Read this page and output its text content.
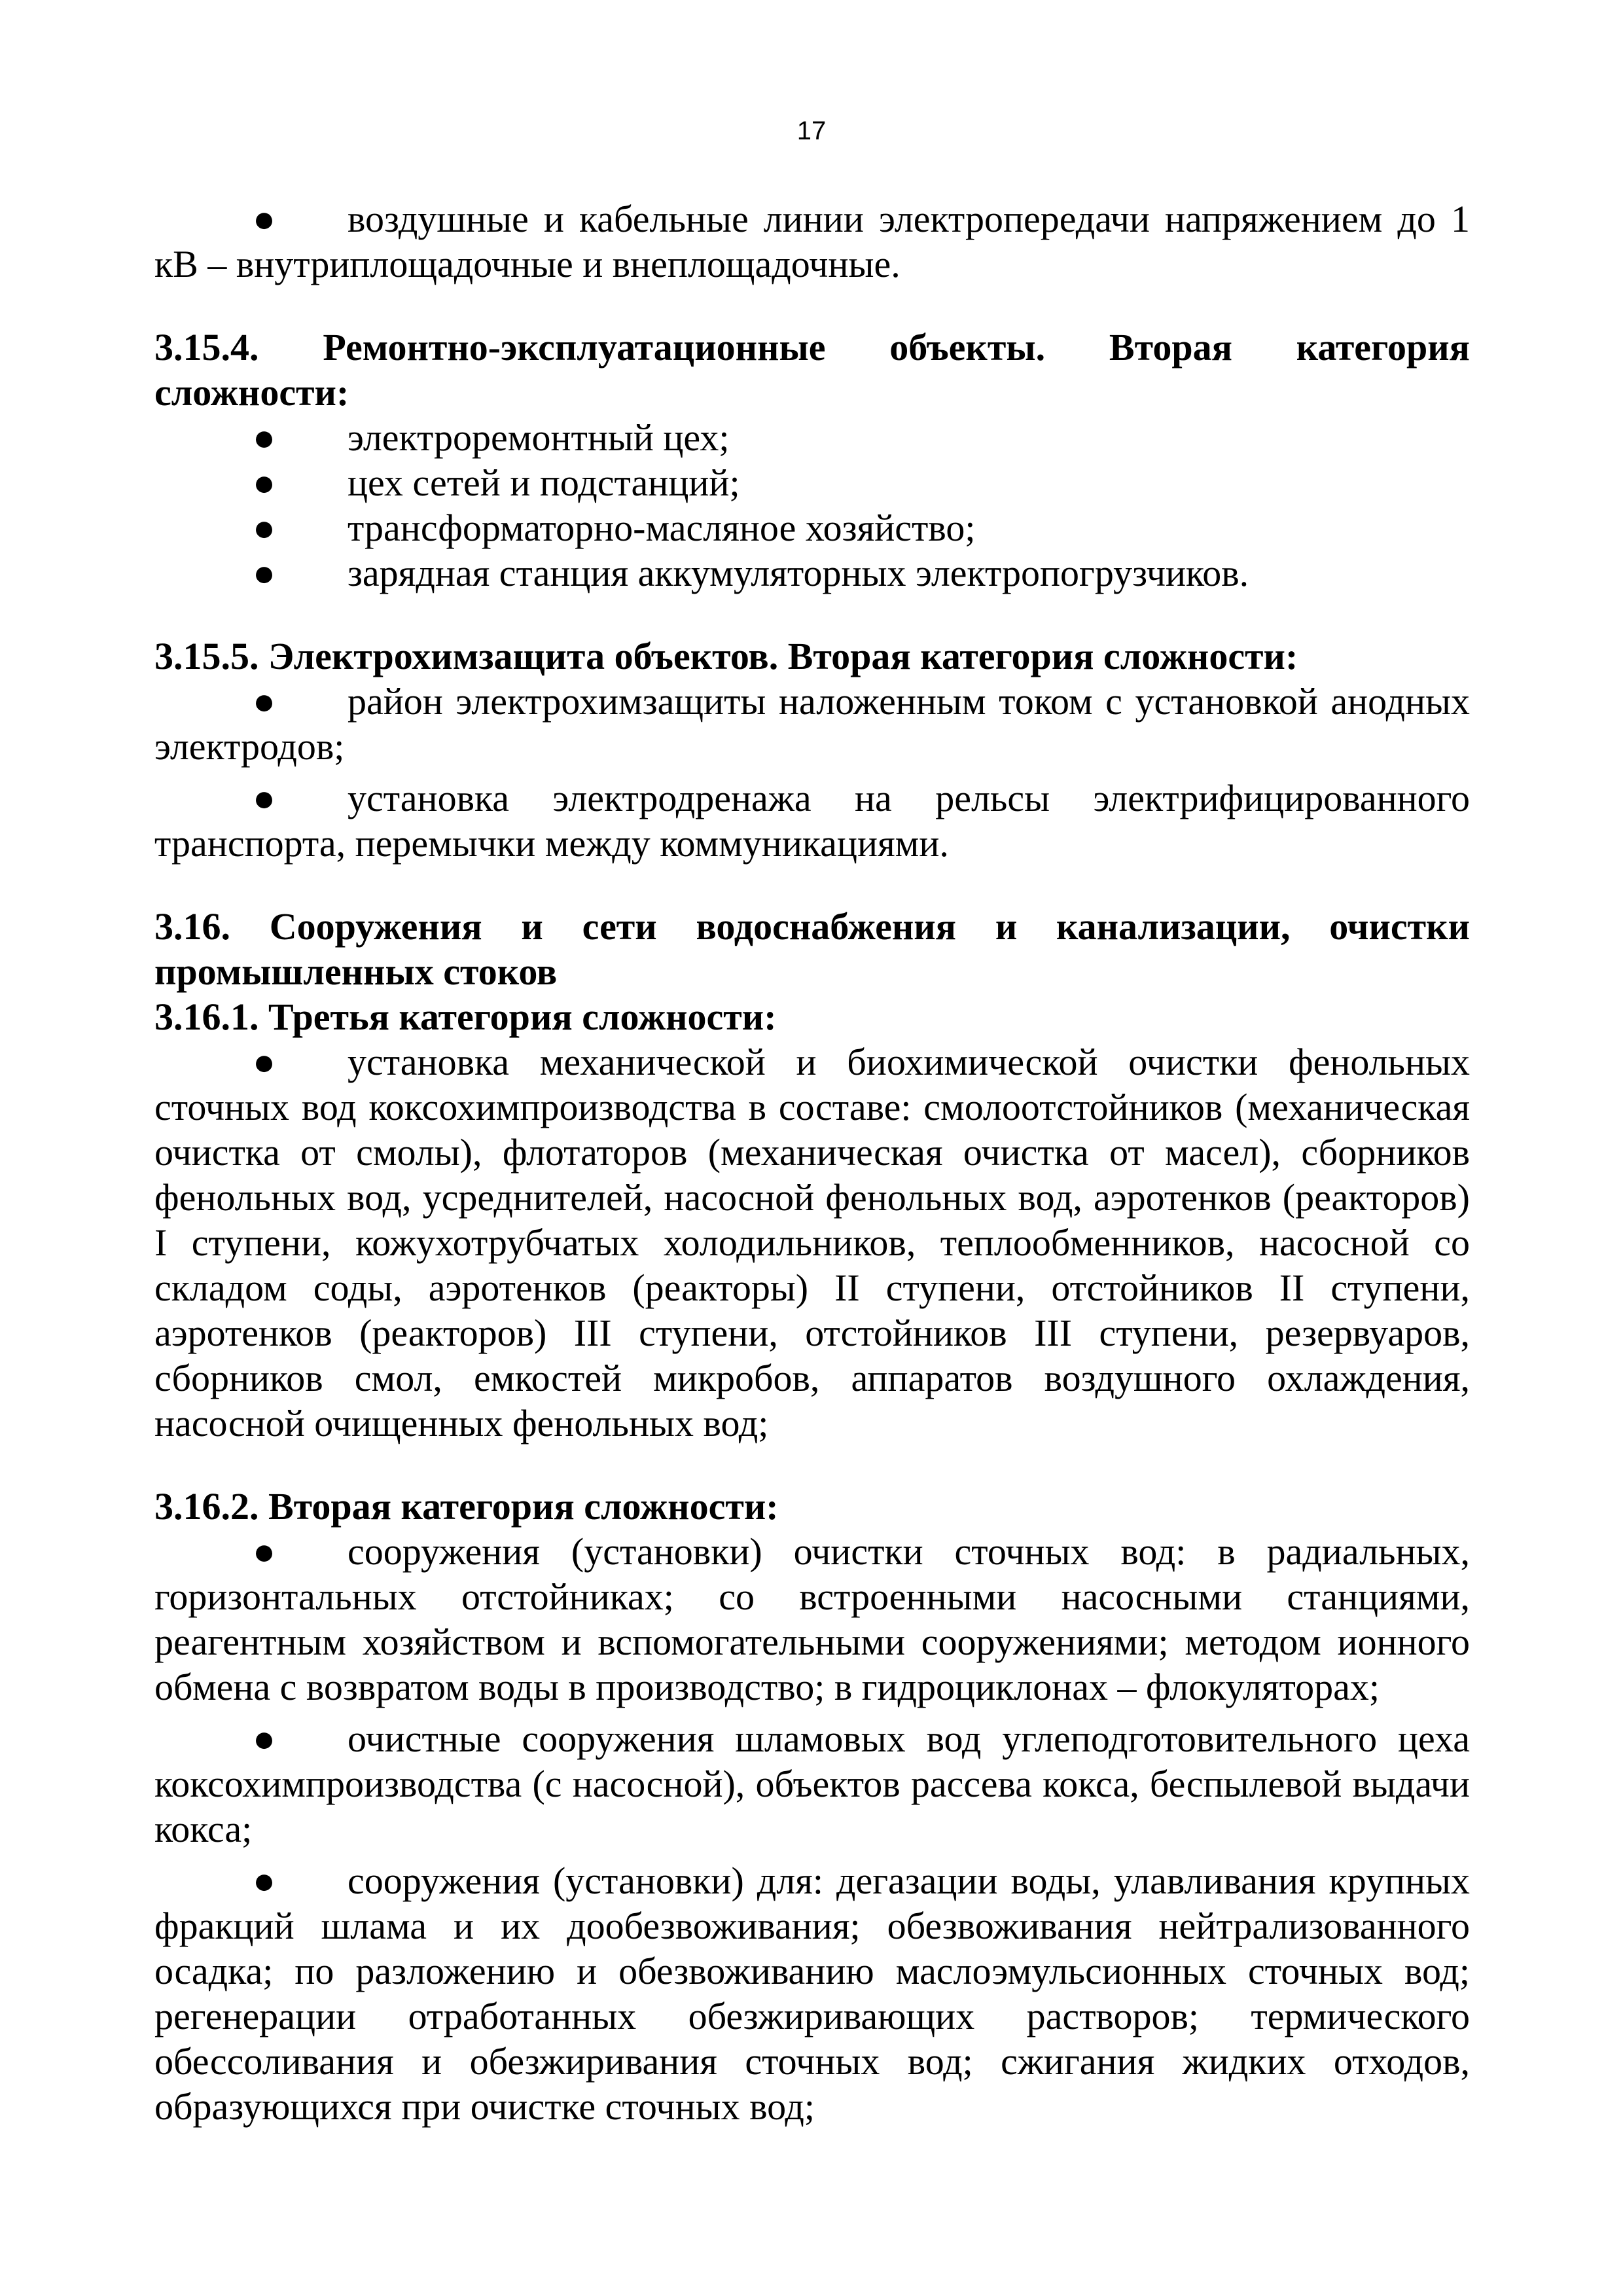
17

● воздушные и кабельные линии электропередачи напряжением до 1 кВ – внутриплощадочные и внеплощадочные.

3.15.4. Ремонтно-эксплуатационные объекты. Вторая категория

сложности:

● электроремонтный цех;

● цех сетей и подстанций;

● трансформаторно-масляное хозяйство;

● зарядная станция аккумуляторных электропогрузчиков.

3.15.5. Электрохимзащита объектов. Вторая категория сложности:

● район электрохимзащиты наложенным током с установкой анодных электродов;

● установка электродренажа на рельсы электрифицированного транспорта, перемычки между коммуникациями.

3.16. Сооружения и сети водоснабжения и канализации, очистки

промышленных стоков

3.16.1. Третья категория сложности:

● установка механической и биохимической очистки фенольных сточных вод коксохимпроизводства в составе: смолоотстойников (механическая очистка от смолы), флотаторов (механическая очистка от масел), сборников фенольных вод, усреднителей, насосной фенольных вод, аэротенков (реакторов) I ступени, кожухотрубчатых холодильников, теплообменников, насосной со складом соды, аэротенков (реакторы) II ступени, отстойников II ступени, аэротенков (реакторов) III ступени, отстойников III ступени, резервуаров, сборников смол, емкостей микробов, аппаратов воздушного охлаждения, насосной очищенных фенольных вод;

3.16.2. Вторая категория сложности:

● сооружения (установки) очистки сточных вод: в радиальных, горизонтальных отстойниках; со встроенными насосными станциями, реагентным хозяйством и вспомогательными сооружениями; методом ионного обмена с возвратом воды в производство; в гидроциклонах – флокуляторах;

● очистные сооружения шламовых вод углеподготовительного цеха коксохимпроизводства (с насосной), объектов рассева кокса, беспылевой выдачи кокса;

● сооружения (установки) для: дегазации воды, улавливания крупных фракций шлама и их дообезвоживания; обезвоживания нейтрализованного осадка; по разложению и обезвоживанию маслоэмульсионных сточных вод; регенерации отработанных обезжиривающих растворов; термического обессоливания и обезжиривания сточных вод; сжигания жидких отходов, образующихся при очистке сточных вод;
